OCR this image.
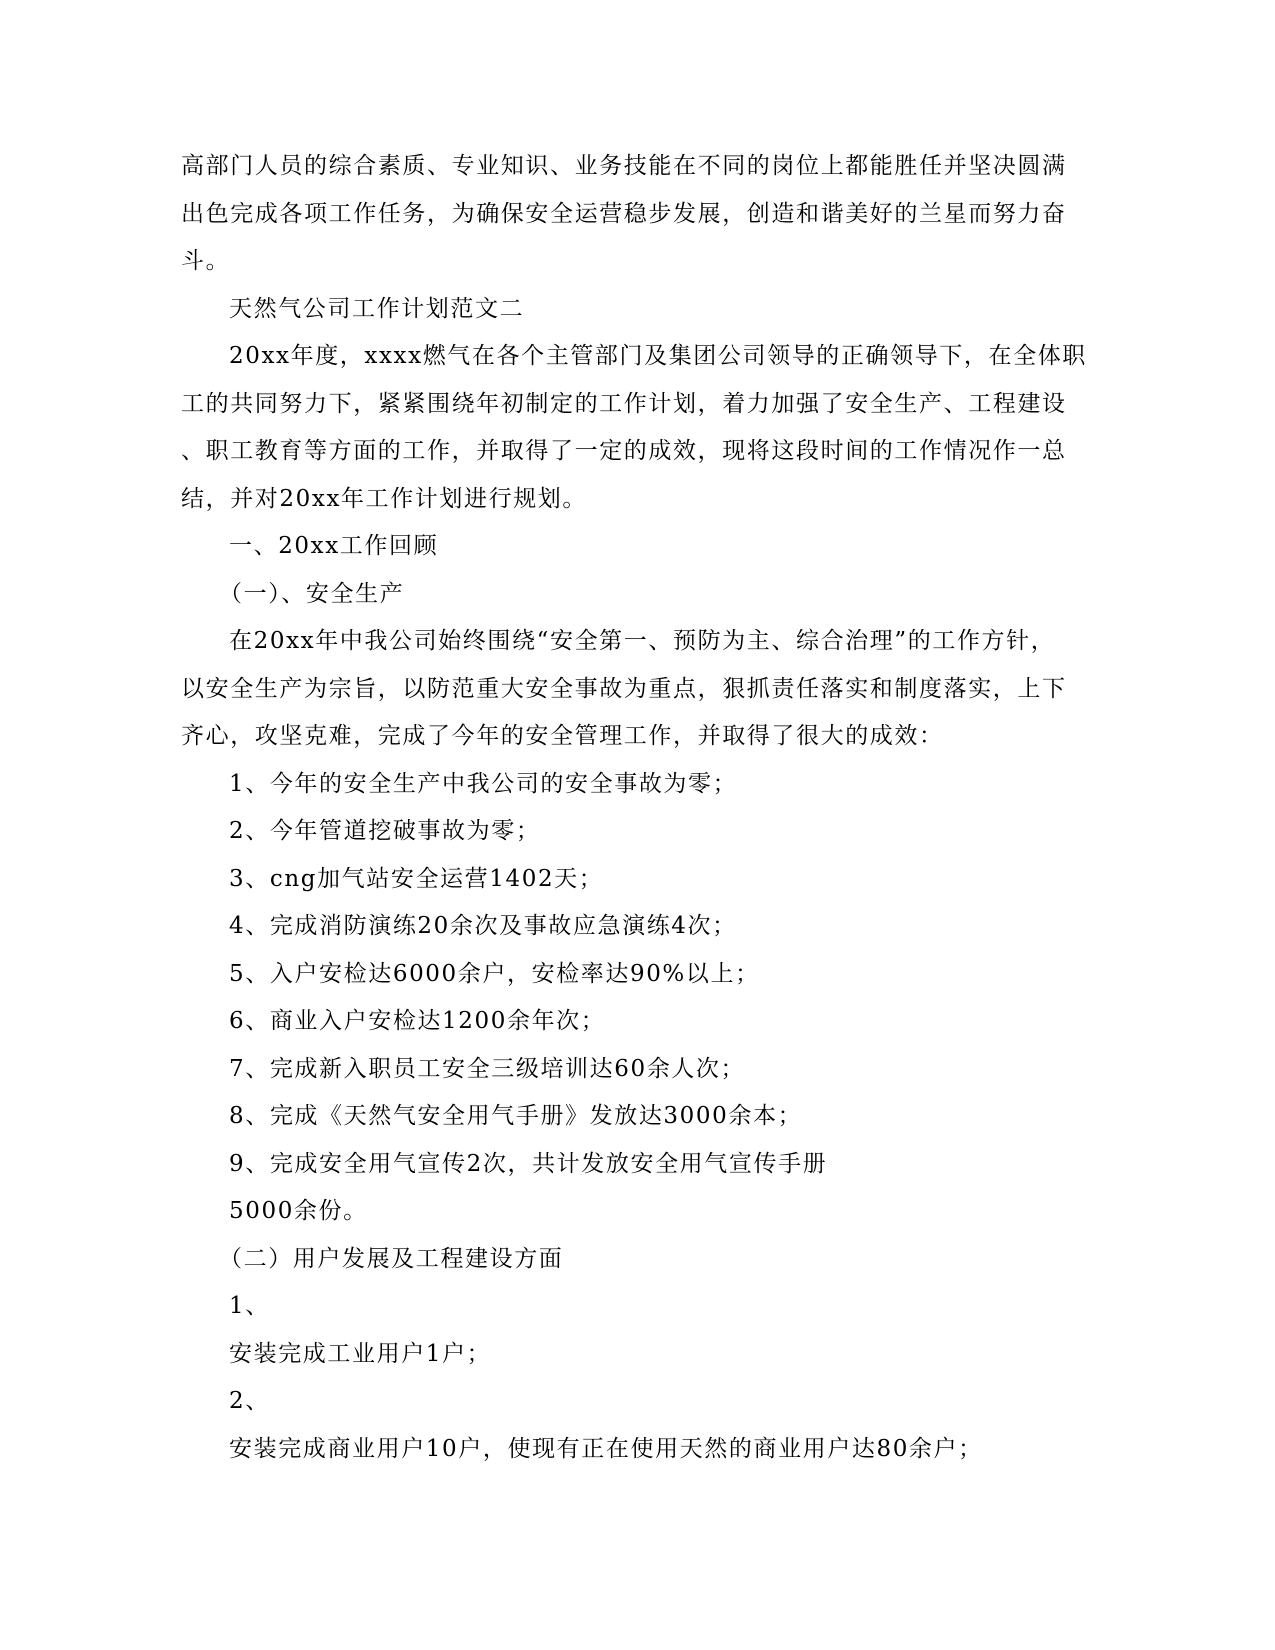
高部门人员的综合素质、专业知识、业务技能在不同的岗位上都能胜任并坚决圆满
出色完成各项工作任务，为确保安全运营稳步发展，创造和谐美好的兰星而努力奋
斗。
天然气公司工作计划范文二
20xx年度，xxxx燃气在各个主管部门及集团公司领导的正确领导下，在全体职
工的共同努力下，紧紧围绕年初制定的工作计划，着力加强了安全生产、工程建设
、职工教育等方面的工作，并取得了一定的成效，现将这段时间的工作情况作一总
结，并对20xx年工作计划进行规划。
一、20xx工作回顾
（一）、安全生产
在20xx年中我公司始终围绕“安全第一、预防为主、综合治理”的工作方针，
以安全生产为宗旨，以防范重大安全事故为重点，狠抓责任落实和制度落实，上下
齐心，攻坚克难，完成了今年的安全管理工作，并取得了很大的成效：
1、今年的安全生产中我公司的安全事故为零；
2、今年管道挖破事故为零；
3、cng加气站安全运营1402天；
4、完成消防演练20余次及事故应急演练4次；
5、入户安检达6000余户，安检率达90%以上；
6、商业入户安检达1200余年次；
7、完成新入职员工安全三级培训达60余人次；
8、完成《天然气安全用气手册》发放达3000余本；
9、完成安全用气宣传2次，共计发放安全用气宣传手册
5000余份。
（二）用户发展及工程建设方面
1、
安装完成工业用户1户；
2、
安装完成商业用户10户，使现有正在使用天然的商业用户达80余户；
